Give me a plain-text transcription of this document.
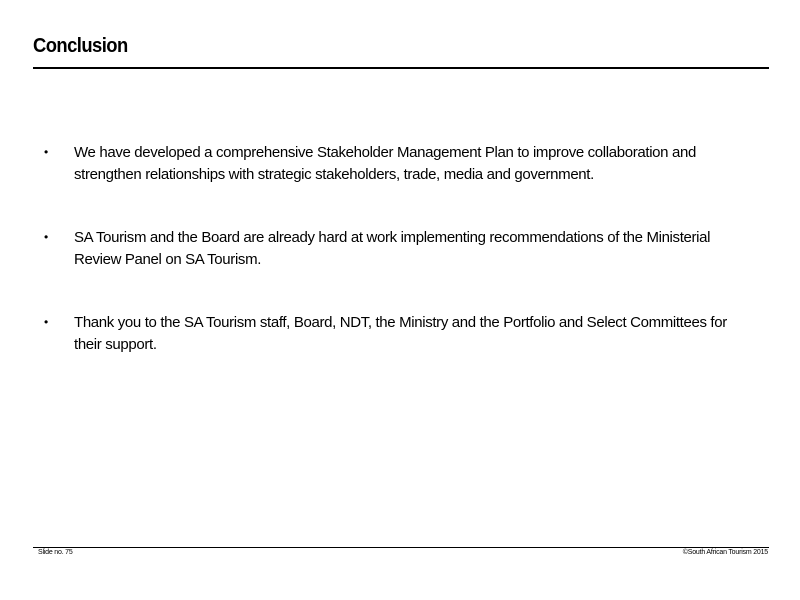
Conclusion
• We have developed a comprehensive Stakeholder Management Plan to improve collaboration and strengthen relationships with strategic stakeholders, trade, media and government.
• SA Tourism and the Board are already hard at work implementing recommendations of the Ministerial Review Panel on SA Tourism.
• Thank you to the SA Tourism staff, Board, NDT, the Ministry and the Portfolio and Select Committees for their support.
Slide no. 75	©South African Tourism 2015
